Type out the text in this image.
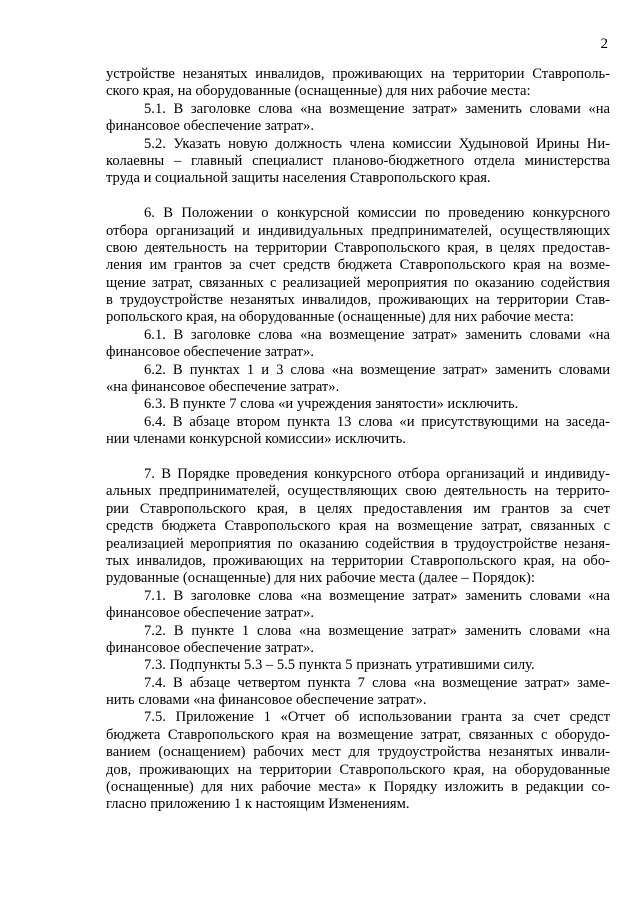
2
устройстве незанятых инвалидов, проживающих на территории Ставрополь-
ского края, на оборудованные (оснащенные) для них рабочие места:
5.1. В заголовке слова «на возмещение затрат» заменить словами «на
финансовое обеспечение затрат».
5.2. Указать новую должность члена комиссии Худыновой Ирины Ни-
колаевны – главный специалист планово-бюджетного отдела министерства
труда и социальной защиты населения Ставропольского края.
6. В Положении о конкурсной комиссии по проведению конкурсного
отбора организаций и индивидуальных предпринимателей, осуществляющих
свою деятельность на территории Ставропольского края, в целях предостав-
ления им грантов за счет средств бюджета Ставропольского края на возме-
щение затрат, связанных с реализацией мероприятия по оказанию содействия
в трудоустройстве незанятых инвалидов, проживающих на территории Став-
ропольского края, на оборудованные (оснащенные) для них рабочие места:
6.1. В заголовке слова «на возмещение затрат» заменить словами «на
финансовое обеспечение затрат».
6.2. В пунктах 1 и 3 слова «на возмещение затрат» заменить словами
«на финансовое обеспечение затрат».
6.3. В пункте 7 слова «и учреждения занятости» исключить.
6.4. В абзаце втором пункта 13 слова «и присутствующими на заседа-
нии членами конкурсной комиссии» исключить.
7. В Порядке проведения конкурсного отбора организаций и индивиду-
альных предпринимателей, осуществляющих свою деятельность на террито-
рии Ставропольского края, в целях предоставления им грантов за счет
средств бюджета Ставропольского края на возмещение затрат, связанных с
реализацией мероприятия по оказанию содействия в трудоустройстве незаня-
тых инвалидов, проживающих на территории Ставропольского края, на обо-
рудованные (оснащенные) для них рабочие места (далее – Порядок):
7.1. В заголовке слова «на возмещение затрат» заменить словами «на
финансовое обеспечение затрат».
7.2. В пункте 1 слова «на возмещение затрат» заменить словами «на
финансовое обеспечение затрат».
7.3. Подпункты 5.3 – 5.5 пункта 5 признать утратившими силу.
7.4. В абзаце четвертом пункта 7 слова «на возмещение затрат» заме-
нить словами «на финансовое обеспечение затрат».
7.5. Приложение 1 «Отчет об использовании гранта за счет средст
бюджета Ставропольского края на возмещение затрат, связанных с оборудо-
ванием (оснащением) рабочих мест для трудоустройства незанятых инвали-
дов, проживающих на территории Ставропольского края, на оборудованные
(оснащенные) для них рабочие места» к Порядку изложить в редакции со-
гласно приложению 1 к настоящим Изменениям.
